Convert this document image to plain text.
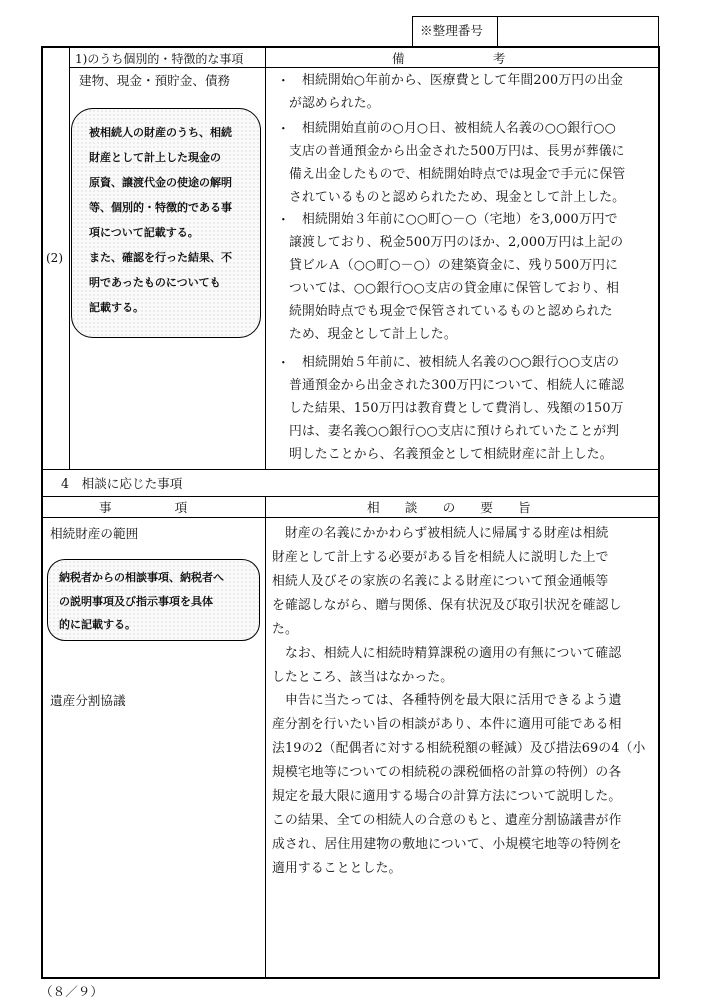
※整理番号
(2)
1)のうち個別的・特徴的な事項	備　　　　　　　考
建物、現金・預貯金、債務
被相続人の財産のうち、相続
財産として計上した現金の
原資、譲渡代金の使途の解明
等、個別的・特徴的である事
項について記載する。
また、確認を行った結果、不
明であったものについても
記載する。
・ 相続開始○年前から、医療費として年間200万円の出金
が認められた。
・ 相続開始直前の○月○日、被相続人名義の○○銀行○○
支店の普通預金から出金された500万円は、長男が葬儀に
備え出金したもので、相続開始時点では現金で手元に保管
されているものと認められたため、現金として計上した。
・ 相続開始３年前に○○町○－○（宅地）を3,000万円で
譲渡しており、税金500万円のほか、2,000万円は上記の
貸ビルＡ（○○町○－○）の建築資金に、残り500万円に
ついては、○○銀行○○支店の貸金庫に保管しており、相
続開始時点でも現金で保管されているものと認められた
ため、現金として計上した。
・ 相続開始５年前に、被相続人名義の○○銀行○○支店の
普通預金から出金された300万円について、相続人に確認
した結果、150万円は教育費として費消し、残額の150万
円は、妻名義○○銀行○○支店に預けられていたことが判
明したことから、名義預金として相続財産に計上した。
4　相談に応じた事項
事　　　　　項	相　　談　　の　　要　　旨
相続財産の範囲
遺産分割協議
納税者からの相談事項、納税者へ
の説明事項及び指示事項を具体
的に記載する。
　財産の名義にかかわらず被相続人に帰属する財産は相続
財産として計上する必要がある旨を相続人に説明した上で
相続人及びその家族の名義による財産について預金通帳等
を確認しながら、贈与関係、保有状況及び取引状況を確認し
た。
　なお、相続人に相続時精算課税の適用の有無について確認
したところ、該当はなかった。
　申告に当たっては、各種特例を最大限に活用できるよう遺
産分割を行いたい旨の相談があり、本件に適用可能である相
法19の2（配偶者に対する相続税額の軽減）及び措法69の4（小
規模宅地等についての相続税の課税価格の計算の特例）の各
規定を最大限に適用する場合の計算方法について説明した。
この結果、全ての相続人の合意のもと、遺産分割協議書が作
成され、居住用建物の敷地について、小規模宅地等の特例を
適用することとした。
（８／９）
